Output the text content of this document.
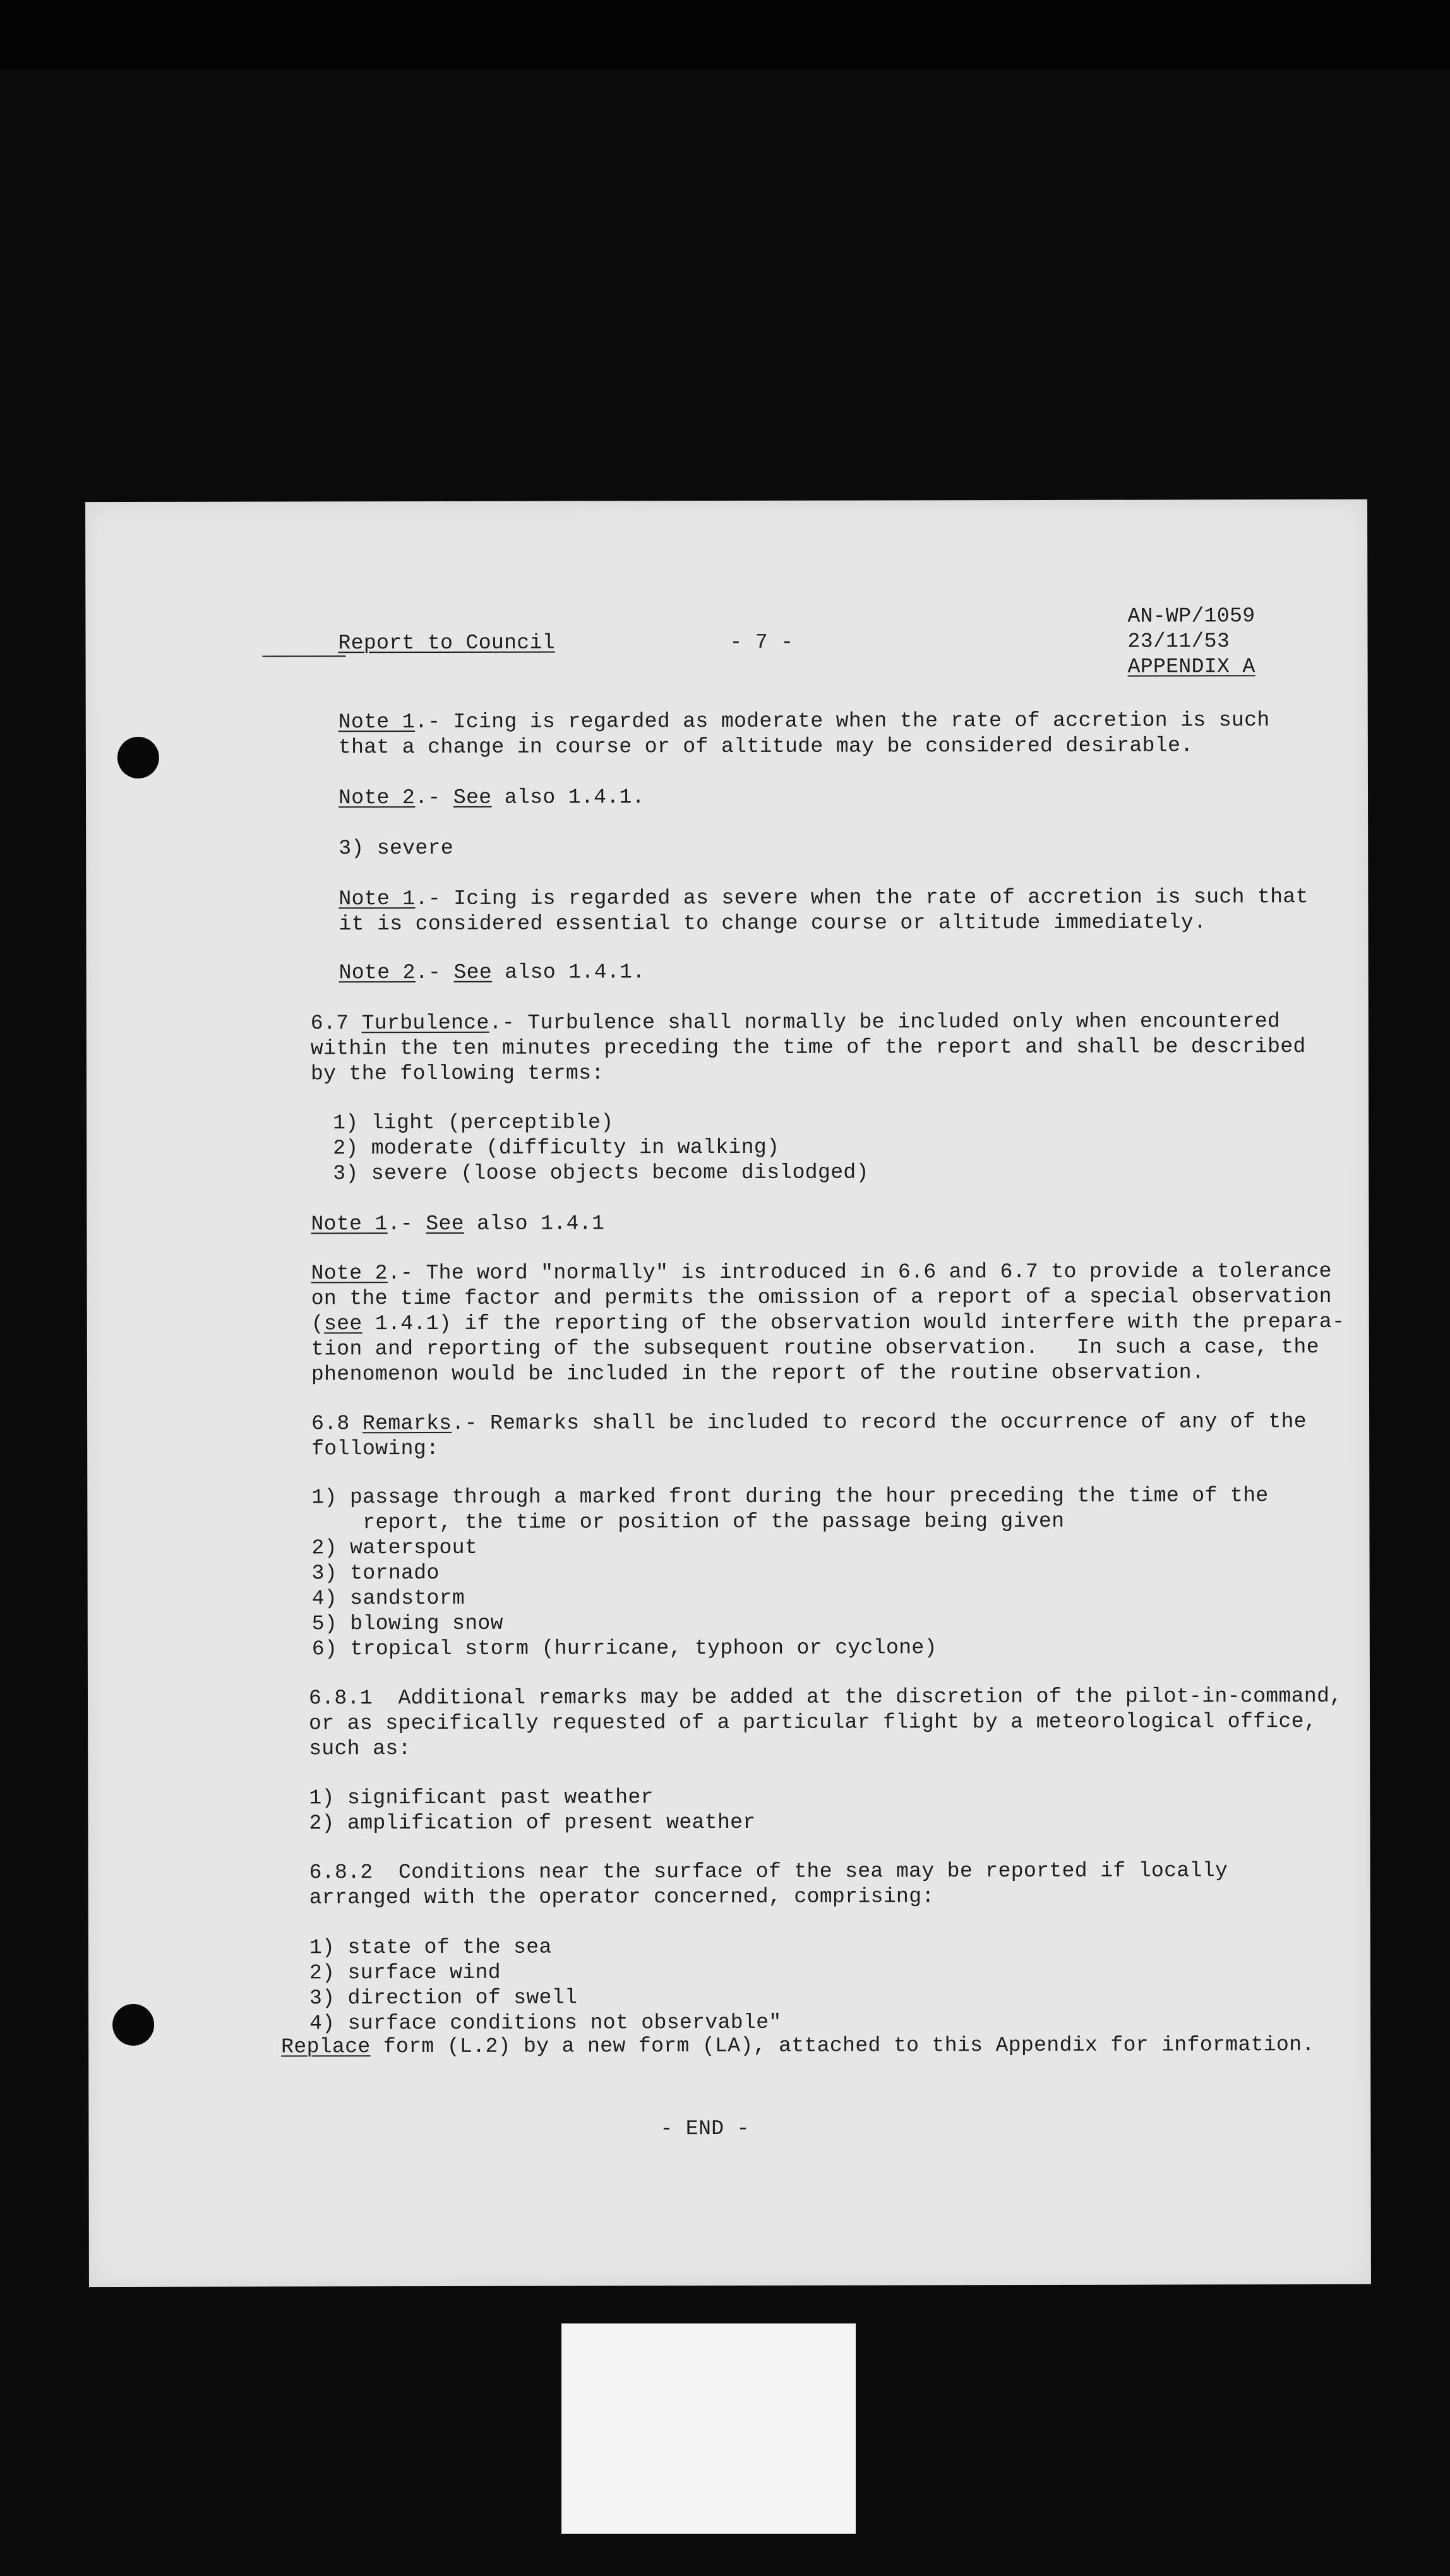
Report to Council	- 7 -

AN-WP/1059

23/11/53

APPENDIX A

Note 1.- Icing is regarded as moderate when the rate of accretion is such

that a change in course or of altitude may be considered desirable.

Note 2.- See also 1.4.1.

3) severe

Note 1.- Icing is regarded as severe when the rate of accretion is such that

it is considered essential to change course or altitude immediately.

Note 2.- See also 1.4.1.

6.7 Turbulence.- Turbulence shall normally be included only when encountered

within the ten minutes preceding the time of the report and shall be described

by the following terms:

1) light (perceptible)
2) moderate (difficulty in walking)
3) severe (loose objects become dislodged)

Note 1.- See also 1.4.1

Note 2.- The word "normally" is introduced in 6.6 and 6.7 to provide a tolerance

on the time factor and permits the omission of a report of a special observation

(see 1.4.1) if the reporting of the observation would interfere with the prepara-

tion and reporting of the subsequent routine observation.   In such a case, the

phenomenon would be included in the report of the routine observation.

6.8 Remarks.- Remarks shall be included to record the occurrence of any of the

following:

1) passage through a marked front during the hour preceding the time of the
report, the time or position of the passage being given
2) waterspout
3) tornado
4) sandstorm
5) blowing snow
6) tropical storm (hurricane, typhoon or cyclone)

6.8.1  Additional remarks may be added at the discretion of the pilot-in-command,

or as specifically requested of a particular flight by a meteorological office,

such as:

1) significant past weather
2) amplification of present weather

6.8.2  Conditions near the surface of the sea may be reported if locally

arranged with the operator concerned, comprising:

1) state of the sea
2) surface wind
3) direction of swell
4) surface conditions not observable"

Replace form (L.2) by a new form (LA), attached to this Appendix for information.

- END -
